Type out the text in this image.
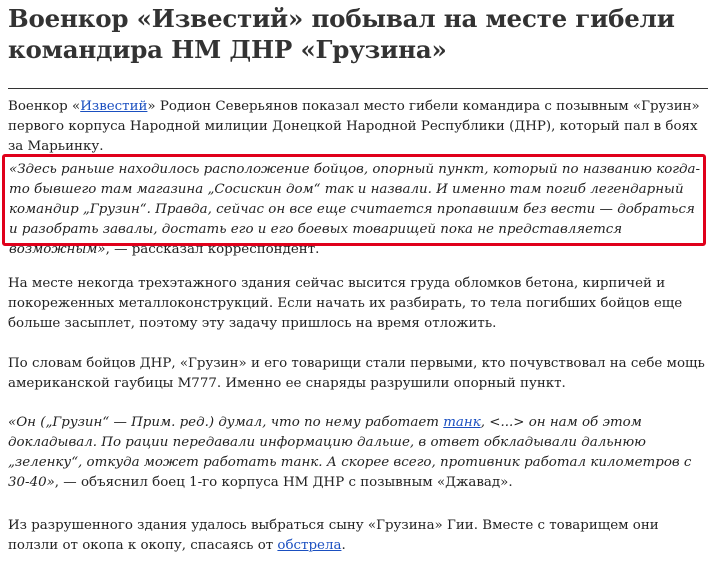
Военкор «Известий» побывал на месте гибели командира НМ ДНР «Грузина»

Военкор «Известий» Родион Северьянов показал место гибели командира с позывным «Грузин» первого корпуса Народной милиции Донецкой Народной Республики (ДНР), который пал в боях за Марьинку.

«Здесь раньше находилось расположение бойцов, опорный пункт, который по названию когда-то бывшего там магазина „Сосискин дом“ так и назвали. И именно там погиб легендарный командир „Грузин“. Правда, сейчас он все еще считается пропавшим без вести — добраться и разобрать завалы, достать его и его боевых товарищей пока не представляется возможным», — рассказал корреспондент.

На месте некогда трехэтажного здания сейчас высится груда обломков бетона, кирпичей и покореженных металлоконструкций. Если начать их разбирать, то тела погибших бойцов еще больше засыплет, поэтому эту задачу пришлось на время отложить.

По словам бойцов ДНР, «Грузин» и его товарищи стали первыми, кто почувствовал на себе мощь американской гаубицы М777. Именно ее снаряды разрушили опорный пункт.

«Он („Грузин“ — Прим. ред.) думал, что по нему работает танк, <...> он нам об этом докладывал. По рации передавали информацию дальше, в ответ обкладывали дальнюю „зеленку“, откуда может работать танк. А скорее всего, противник работал километров с 30-40», — объяснил боец 1-го корпуса НМ ДНР с позывным «Джавад».

Из разрушенного здания удалось выбраться сыну «Грузина» Гии. Вместе с товарищем они ползли от окопа к окопу, спасаясь от обстрела.
